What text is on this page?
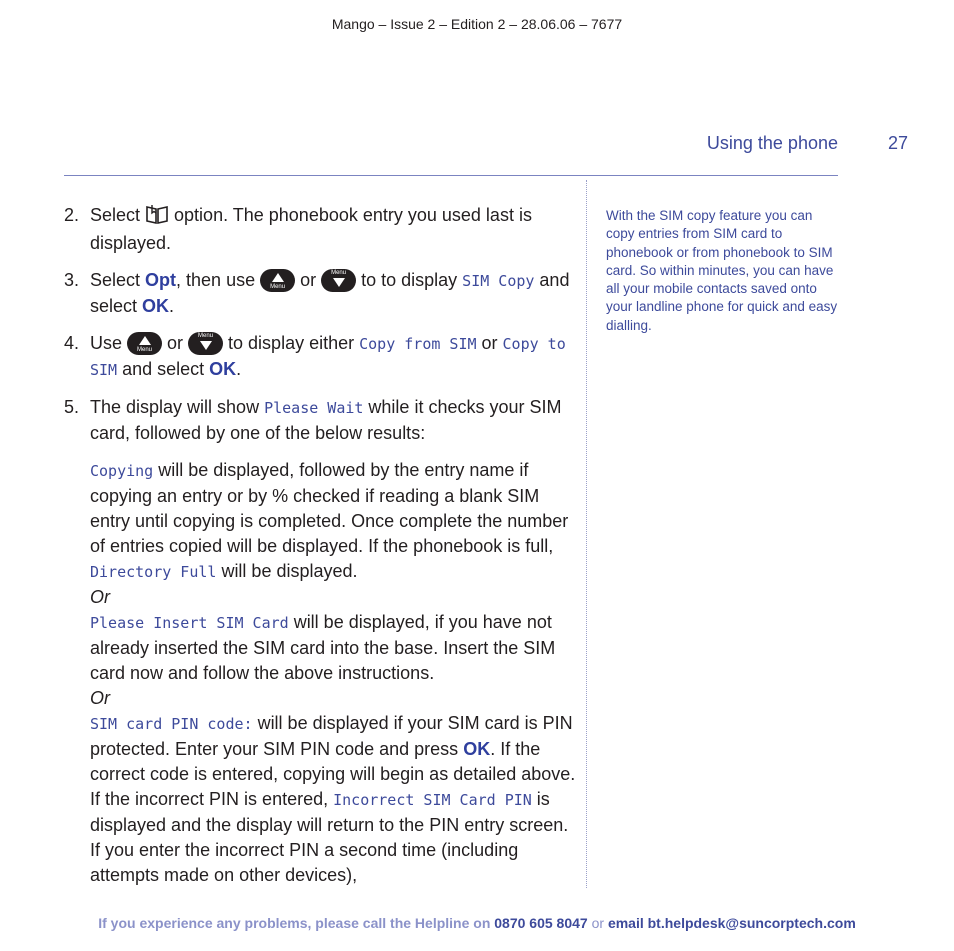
Mango – Issue 2 – Edition 2 – 28.06.06 – 7677
Using the phone	27
2. Select  option. The phonebook entry you used last is displayed.
3. Select Opt, then use	Menu or	Menu to to display SIM Copy and select OK.
4. Use	Menu or	Menu to display either Copy from SIM or Copy to SIM and select OK.
5. The display will show Please Wait while it checks your SIM card, followed by one of the below results:
Copying will be displayed, followed by the entry name if copying an entry or by % checked if reading a blank SIM entry until copying is completed. Once complete the number of entries copied will be displayed. If the phonebook is full, Directory Full will be displayed.
Or
Please Insert SIM Card will be displayed, if you have not already inserted the SIM card into the base. Insert the SIM card now and follow the above instructions.
Or
SIM card PIN code: will be displayed if your SIM card is PIN protected. Enter your SIM PIN code and press OK. If the correct code is entered, copying will begin as detailed above. If the incorrect PIN is entered, Incorrect SIM Card PIN is displayed and the display will return to the PIN entry screen. If you enter the incorrect PIN a second time (including attempts made on other devices),
With the SIM copy feature you can copy entries from SIM card to phonebook or from phonebook to SIM card. So within minutes, you can have all your mobile contacts saved onto your landline phone for quick and easy dialling.
If you experience any problems, please call the Helpline on 0870 605 8047 or email bt.helpdesk@suncorptech.com
